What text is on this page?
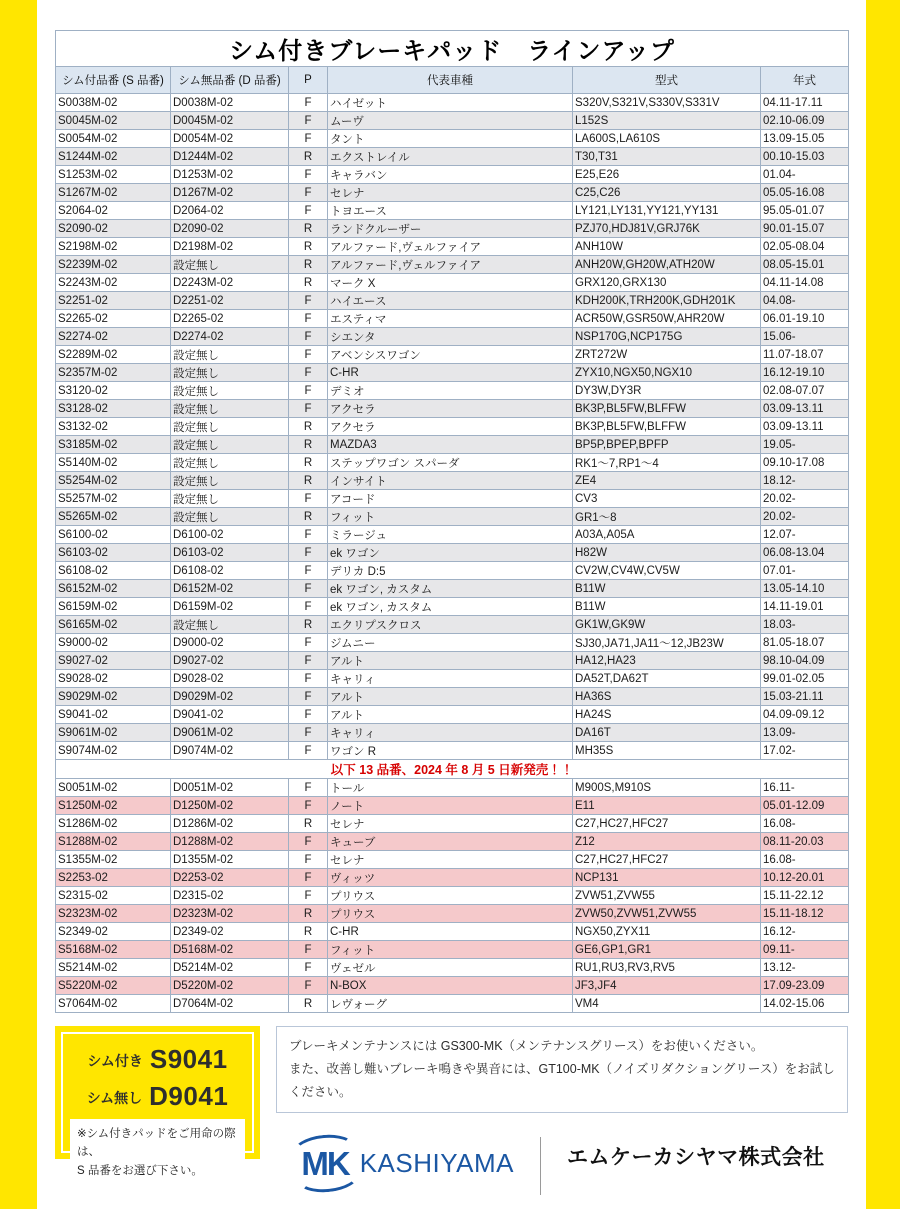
シム付きブレーキパッド　ラインアップ					
シム付品番 (S 品番)	シム無品番 (D 品番)	P	代表車種	型式	年式
S0038M-02	D0038M-02	F	ハイゼット	S320V,S321V,S330V,S331V	04.11-17.11
S0045M-02	D0045M-02	F	ムーヴ	L152S	02.10-06.09
S0054M-02	D0054M-02	F	タント	LA600S,LA610S	13.09-15.05
S1244M-02	D1244M-02	R	エクストレイル	T30,T31	00.10-15.03
S1253M-02	D1253M-02	F	キャラバン	E25,E26	01.04-
S1267M-02	D1267M-02	F	セレナ	C25,C26	05.05-16.08
S2064-02	D2064-02	F	トヨエース	LY121,LY131,YY121,YY131	95.05-01.07
S2090-02	D2090-02	R	ランドクルーザー	PZJ70,HDJ81V,GRJ76K	90.01-15.07
S2198M-02	D2198M-02	R	アルファード,ヴェルファイア	ANH10W	02.05-08.04
S2239M-02	設定無し	R	アルファード,ヴェルファイア	ANH20W,GH20W,ATH20W	08.05-15.01
S2243M-02	D2243M-02	R	マーク X	GRX120,GRX130	04.11-14.08
S2251-02	D2251-02	F	ハイエース	KDH200K,TRH200K,GDH201K	04.08-
S2265-02	D2265-02	F	エスティマ	ACR50W,GSR50W,AHR20W	06.01-19.10
S2274-02	D2274-02	F	シエンタ	NSP170G,NCP175G	15.06-
S2289M-02	設定無し	F	アベンシスワゴン	ZRT272W	11.07-18.07
S2357M-02	設定無し	F	C-HR	ZYX10,NGX50,NGX10	16.12-19.10
S3120-02	設定無し	F	デミオ	DY3W,DY3R	02.08-07.07
S3128-02	設定無し	F	アクセラ	BK3P,BL5FW,BLFFW	03.09-13.11
S3132-02	設定無し	R	アクセラ	BK3P,BL5FW,BLFFW	03.09-13.11
S3185M-02	設定無し	R	MAZDA3	BP5P,BPEP,BPFP	19.05-
S5140M-02	設定無し	R	ステップワゴン スパーダ	RK1～7,RP1～4	09.10-17.08
S5254M-02	設定無し	R	インサイト	ZE4	18.12-
S5257M-02	設定無し	F	アコード	CV3	20.02-
S5265M-02	設定無し	R	フィット	GR1～8	20.02-
S6100-02	D6100-02	F	ミラージュ	A03A,A05A	12.07-
S6103-02	D6103-02	F	ek ワゴン	H82W	06.08-13.04
S6108-02	D6108-02	F	デリカ D:5	CV2W,CV4W,CV5W	07.01-
S6152M-02	D6152M-02	F	ek ワゴン, カスタム	B11W	13.05-14.10
S6159M-02	D6159M-02	F	ek ワゴン, カスタム	B11W	14.11-19.01
S6165M-02	設定無し	R	エクリプスクロス	GK1W,GK9W	18.03-
S9000-02	D9000-02	F	ジムニー	SJ30,JA71,JA11～12,JB23W	81.05-18.07
S9027-02	D9027-02	F	アルト	HA12,HA23	98.10-04.09
S9028-02	D9028-02	F	キャリィ	DA52T,DA62T	99.01-02.05
S9029M-02	D9029M-02	F	アルト	HA36S	15.03-21.11
S9041-02	D9041-02	F	アルト	HA24S	04.09-09.12
S9061M-02	D9061M-02	F	キャリィ	DA16T	13.09-
S9074M-02	D9074M-02	F	ワゴン R	MH35S	17.02-
以下 13 品番、2024 年 8 月 5 日新発売！！					
S0051M-02	D0051M-02	F	トール	M900S,M910S	16.11-
S1250M-02	D1250M-02	F	ノート	E11	05.01-12.09
S1286M-02	D1286M-02	R	セレナ	C27,HC27,HFC27	16.08-
S1288M-02	D1288M-02	F	キューブ	Z12	08.11-20.03
S1355M-02	D1355M-02	F	セレナ	C27,HC27,HFC27	16.08-
S2253-02	D2253-02	F	ヴィッツ	NCP131	10.12-20.01
S2315-02	D2315-02	F	プリウス	ZVW51,ZVW55	15.11-22.12
S2323M-02	D2323M-02	R	プリウス	ZVW50,ZVW51,ZVW55	15.11-18.12
S2349-02	D2349-02	R	C-HR	NGX50,ZYX11	16.12-
S5168M-02	D5168M-02	F	フィット	GE6,GP1,GR1	09.11-
S5214M-02	D5214M-02	F	ヴェゼル	RU1,RU3,RV3,RV5	13.12-
S5220M-02	D5220M-02	F	N-BOX	JF3,JF4	17.09-23.09
S7064M-02	D7064M-02	R	レヴォーグ	VM4	14.02-15.06
シム付き S9041
シム無し D9041
※シム付きパッドをご用命の際は、
S 品番をお選び下さい。
ブレーキメンテナンスには GS300-MK（メンテナンスグリース）をお使いください。
また、改善し難いブレーキ鳴きや異音には、GT100-MK（ノイズリダクショングリース）をお試しください。
MK KASHIYAMA	エムケーカシヤマ株式会社
